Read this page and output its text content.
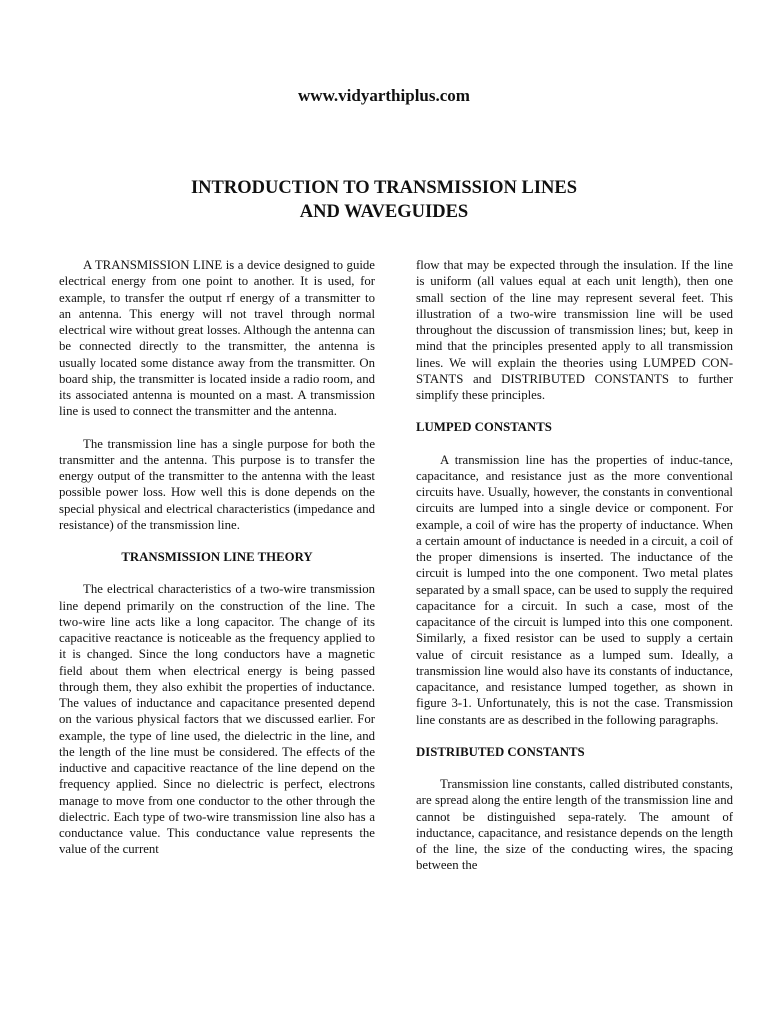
www.vidyarthiplus.com
INTRODUCTION TO TRANSMISSION LINES
AND WAVEGUIDES

A TRANSMISSION LINE is a device designed to guide electrical energy from one point to another. It is used, for example, to transfer the output rf energy of a transmitter to an antenna. This energy will not travel through normal electrical wire without great losses. Although the antenna can be connected directly to the transmitter, the antenna is usually located some distance away from the transmitter. On board ship, the transmitter is located inside a radio room, and its associated antenna is mounted on a mast. A transmission line is used to connect the transmitter and the antenna.

The transmission line has a single purpose for both the transmitter and the antenna. This purpose is to transfer the energy output of the transmitter to the antenna with the least possible power loss. How well this is done depends on the special physical and electrical characteristics (impedance and resistance) of the transmission line.

TRANSMISSION LINE THEORY

The electrical characteristics of a two-wire transmission line depend primarily on the construction of the line. The two-wire line acts like a long capacitor. The change of its capacitive reactance is noticeable as the frequency applied to it is changed. Since the long conductors have a magnetic field about them when electrical energy is being passed through them, they also exhibit the properties of inductance. The values of inductance and capacitance presented depend on the various physical factors that we discussed earlier. For example, the type of line used, the dielectric in the line, and the length of the line must be considered. The effects of the inductive and capacitive reactance of the line depend on the frequency applied. Since no dielectric is perfect, electrons manage to move from one conductor to the other through the dielectric. Each type of two-wire transmission line also has a conductance value. This conductance value represents the value of the current

flow that may be expected through the insulation. If the line is uniform (all values equal at each unit length), then one small section of the line may represent several feet. This illustration of a two-wire transmission line will be used throughout the discussion of transmission lines; but, keep in mind that the principles presented apply to all transmission lines. We will explain the theories using LUMPED CON-STANTS and DISTRIBUTED CONSTANTS to further simplify these principles.

LUMPED CONSTANTS

A transmission line has the properties of induc-tance, capacitance, and resistance just as the more conventional circuits have. Usually, however, the constants in conventional circuits are lumped into a single device or component. For example, a coil of wire has the property of inductance. When a certain amount of inductance is needed in a circuit, a coil of the proper dimensions is inserted. The inductance of the circuit is lumped into the one component. Two metal plates separated by a small space, can be used to supply the required capacitance for a circuit. In such a case, most of the capacitance of the circuit is lumped into this one component. Similarly, a fixed resistor can be used to supply a certain value of circuit resistance as a lumped sum. Ideally, a transmission line would also have its constants of inductance, capacitance, and resistance lumped together, as shown in figure 3-1. Unfortunately, this is not the case. Transmission line constants are as described in the following paragraphs.

DISTRIBUTED CONSTANTS

Transmission line constants, called distributed constants, are spread along the entire length of the transmission line and cannot be distinguished sepa-rately. The amount of inductance, capacitance, and resistance depends on the length of the line, the size of the conducting wires, the spacing between the
